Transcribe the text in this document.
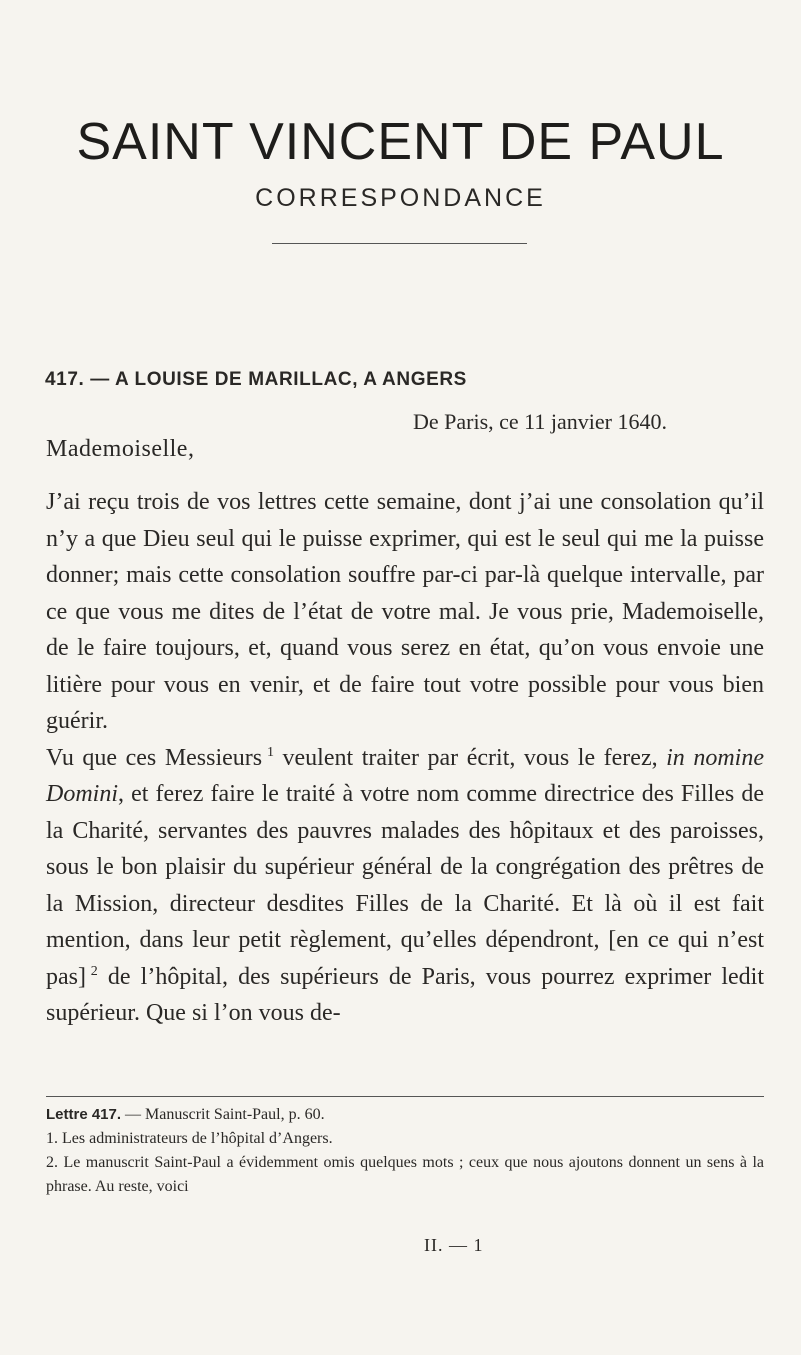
SAINT VINCENT DE PAUL
CORRESPONDANCE
417. — A LOUISE DE MARILLAC, A ANGERS
De Paris, ce 11 janvier 1640.
Mademoiselle,

J’ai reçu trois de vos lettres cette semaine, dont j’ai une consolation qu’il n’y a que Dieu seul qui le puisse exprimer, qui est le seul qui me la puisse donner; mais cette consolation souffre par-ci par-là quelque intervalle, par ce que vous me dites de l’état de votre mal. Je vous prie, Mademoiselle, de le faire toujours, et, quand vous serez en état, qu’on vous envoie une litière pour vous en venir, et de faire tout votre possible pour vous bien guérir.

Vu que ces Messieurs  $^1$ veulent traiter par écrit, vous le ferez, in nomine Domini, et ferez faire le traité à votre nom comme directrice des Filles de la Charité, servantes des pauvres malades des hôpitaux et des paroisses, sous le bon plaisir du supérieur général de la congrégation des prêtres de la Mission, directeur desdites Filles de la Charité. Et là où il est fait mention, dans leur petit règlement, qu’elles dépendront, [en ce qui n’est pas]  $^2$ de l’hôpital, des supérieurs de Paris, vous pourrez exprimer ledit supérieur. Que si l’on vous de-

Lettre 417. — Manuscrit Saint-Paul, p. 60.
1. Les administrateurs de l’hôpital d’Angers.
2. Le manuscrit Saint-Paul a évidemment omis quelques mots ; ceux que nous ajoutons donnent un sens à la phrase. Au reste, voici
II. — 1
